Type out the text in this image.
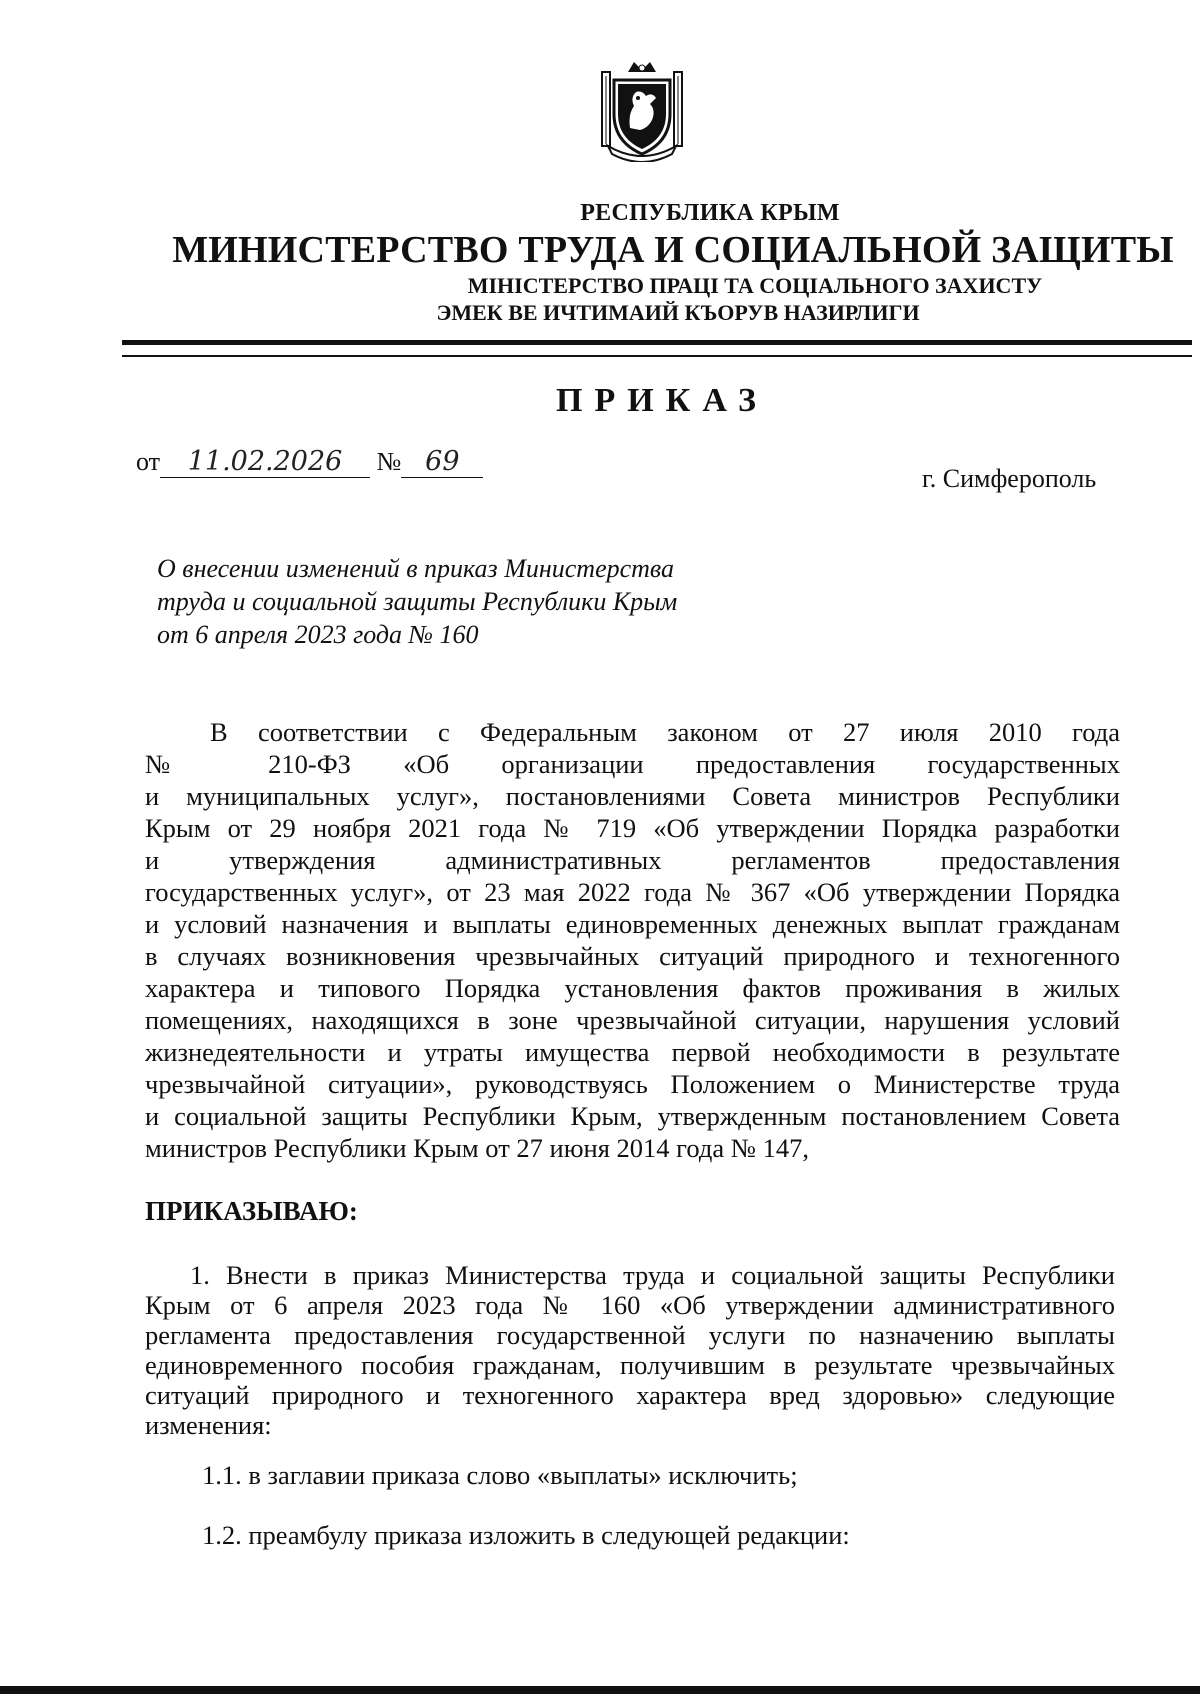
РЕСПУБЛИКА КРЫМ
МИНИСТЕРСТВО ТРУДА И СОЦИАЛЬНОЙ ЗАЩИТЫ
МІНІСТЕРСТВО ПРАЦІ ТА СОЦІАЛЬНОГО ЗАХИСТУ
ЭМЕК ВЕ ИЧТИМАИЙ КЪОРУВ НАЗИРЛИГИ
ПРИКАЗ
от 11.02.2026 № 69
г. Симферополь
О внесении изменений в приказ Министерства
труда и социальной защиты Республики Крым
от 6 апреля 2023 года № 160
В соответствии с Федеральным законом от 27 июля 2010 года
№ 210-ФЗ «Об организации предоставления государственных
и муниципальных услуг», постановлениями Совета министров Республики
Крым от 29 ноября 2021 года № 719 «Об утверждении Порядка разработки
и утверждения административных регламентов предоставления
государственных услуг», от 23 мая 2022 года № 367 «Об утверждении Порядка
и условий назначения и выплаты единовременных денежных выплат гражданам
в случаях возникновения чрезвычайных ситуаций природного и техногенного
характера и типового Порядка установления фактов проживания в жилых
помещениях, находящихся в зоне чрезвычайной ситуации, нарушения условий
жизнедеятельности и утраты имущества первой необходимости в результате
чрезвычайной ситуации», руководствуясь Положением о Министерстве труда
и социальной защиты Республики Крым, утвержденным постановлением Совета
министров Республики Крым от 27 июня 2014 года № 147,
ПРИКАЗЫВАЮ:
1. Внести в приказ Министерства труда и социальной защиты Республики
Крым от 6 апреля 2023 года № 160 «Об утверждении административного
регламента предоставления государственной услуги по назначению выплаты
единовременного пособия гражданам, получившим в результате чрезвычайных
ситуаций природного и техногенного характера вред здоровью» следующие
изменения:
1.1. в заглавии приказа слово «выплаты» исключить;
1.2. преамбулу приказа изложить в следующей редакции:
